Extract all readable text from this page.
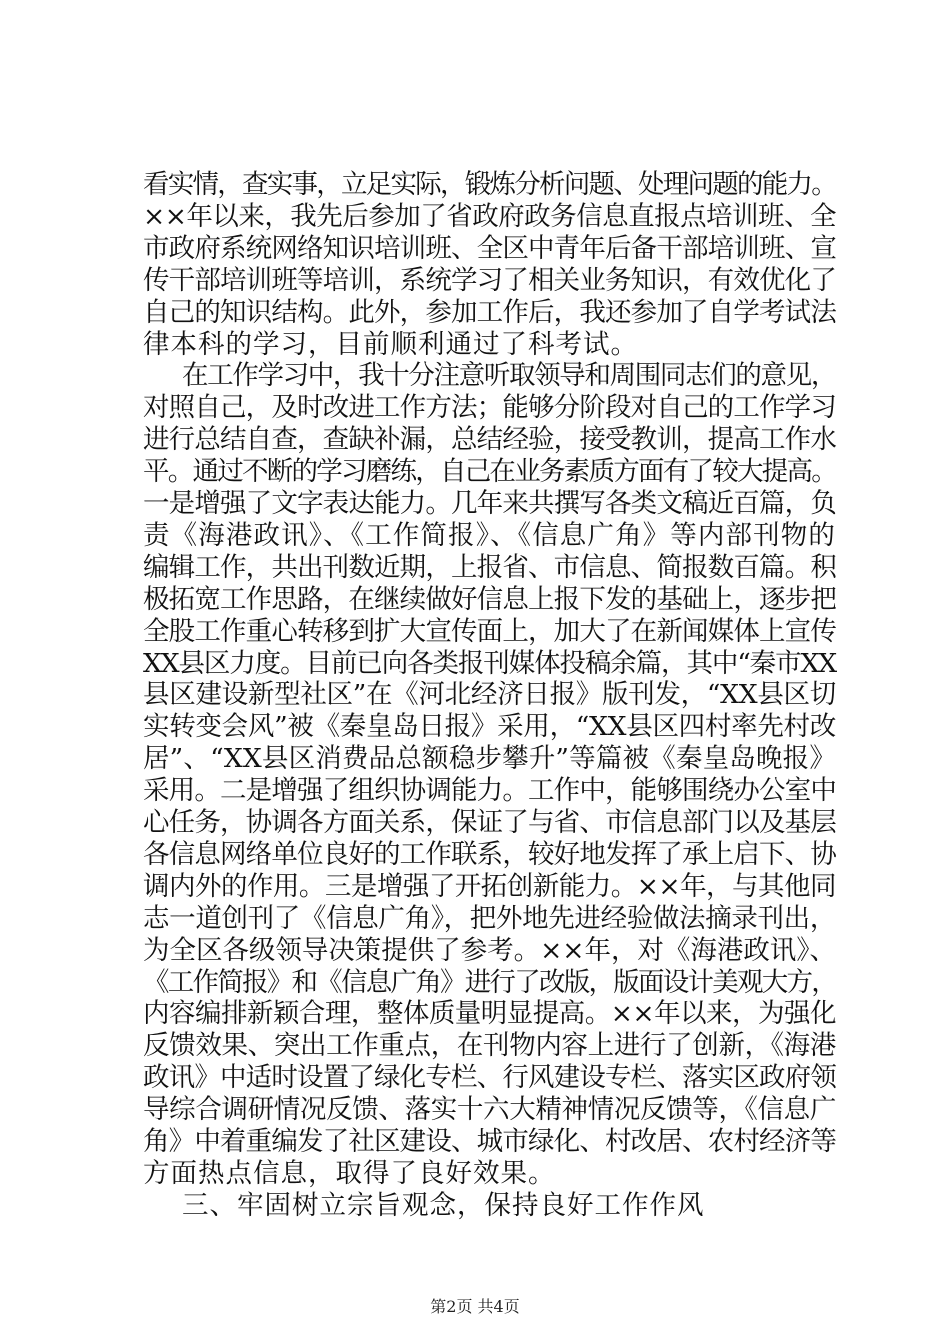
看实情，查实事，立足实际，锻炼分析问题、处理问题的能力。
××年以来，我先后参加了省政府政务信息直报点培训班、全
市政府系统网络知识培训班、全区中青年后备干部培训班、宣
传干部培训班等培训，系统学习了相关业务知识，有效优化了
自己的知识结构。此外，参加工作后，我还参加了自学考试法
律本科的学习，目前顺利通过了科考试。
在工作学习中，我十分注意听取领导和周围同志们的意见，
对照自己，及时改进工作方法；能够分阶段对自己的工作学习
进行总结自查，查缺补漏，总结经验，接受教训，提高工作水
平。通过不断的学习磨练，自己在业务素质方面有了较大提高。
一是增强了文字表达能力。几年来共撰写各类文稿近百篇，负
责《海港政讯》、《工作简报》、《信息广角》等内部刊物的
编辑工作，共出刊数近期，上报省、市信息、简报数百篇。积
极拓宽工作思路，在继续做好信息上报下发的基础上，逐步把
全股工作重心转移到扩大宣传面上，加大了在新闻媒体上宣传
XX县区力度。目前已向各类报刊媒体投稿余篇，其中“秦市XX
县区建设新型社区”在《河北经济日报》版刊发，“XX县区切
实转变会风”被《秦皇岛日报》采用，“XX县区四村率先村改
居”、“XX县区消费品总额稳步攀升”等篇被《秦皇岛晚报》
采用。二是增强了组织协调能力。工作中，能够围绕办公室中
心任务，协调各方面关系，保证了与省、市信息部门以及基层
各信息网络单位良好的工作联系，较好地发挥了承上启下、协
调内外的作用。三是增强了开拓创新能力。××年，与其他同
志一道创刊了《信息广角》，把外地先进经验做法摘录刊出，
为全区各级领导决策提供了参考。××年，对《海港政讯》、
《工作简报》和《信息广角》进行了改版，版面设计美观大方，
内容编排新颖合理，整体质量明显提高。××年以来，为强化
反馈效果、突出工作重点，在刊物内容上进行了创新，《海港
政讯》中适时设置了绿化专栏、行风建设专栏、落实区政府领
导综合调研情况反馈、落实十六大精神情况反馈等，《信息广
角》中着重编发了社区建设、城市绿化、村改居、农村经济等
方面热点信息，取得了良好效果。
三、牢固树立宗旨观念，保持良好工作作风
第2页 共4页
